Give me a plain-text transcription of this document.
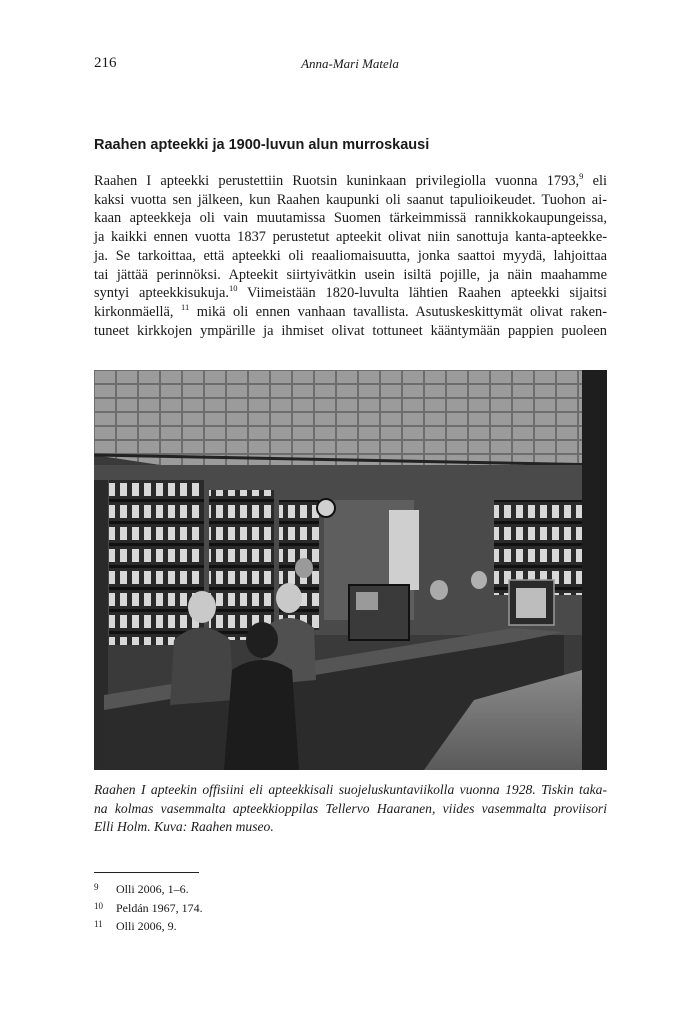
216	Anna-Mari Matela
Raahen apteekki ja 1900-luvun alun murroskausi
Raahen I apteekki perustettiin Ruotsin kuninkaan privilegiolla vuonna 1793,$^9$ eli
kaksi vuotta sen jälkeen, kun Raahen kaupunki oli saanut tapulioikeudet. Tuohon ai-
kaan apteekkeja oli vain muutamissa Suomen tärkeimmissä rannikkokaupungeissa,
ja kaikki ennen vuotta 1837 perustetut apteekit olivat niin sanottuja kanta-apteekke-
ja. Se tarkoittaa, että apteekki oli reaaliomaisuutta, jonka saattoi myydä, lahjoittaa
tai jättää perinnöksi. Apteekit siirtyivätkin usein isiltä pojille, ja näin maahamme
syntyi apteekkisukuja.$^{10}$ Viimeistään 1820-luvulta lähtien Raahen apteekki sijaitsi
kirkonmäellä, $^{11}$ mikä oli ennen vanhaan tavallista. Asutuskeskittymät olivat raken-
tuneet kirkkojen ympärille ja ihmiset olivat tottuneet kääntymään pappien puoleen
Raahen I apteekin offisiini eli apteekkisali suojeluskuntaviikolla vuonna 1928. Tiskin taka-
na kolmas vasemmalta apteekkioppilas Tellervo Haaranen, viides vasemmalta proviisori
Elli Holm. Kuva: Raahen museo.
9 Olli 2006, 1–6.
10 Peldán 1967, 174.
11 Olli 2006, 9.
